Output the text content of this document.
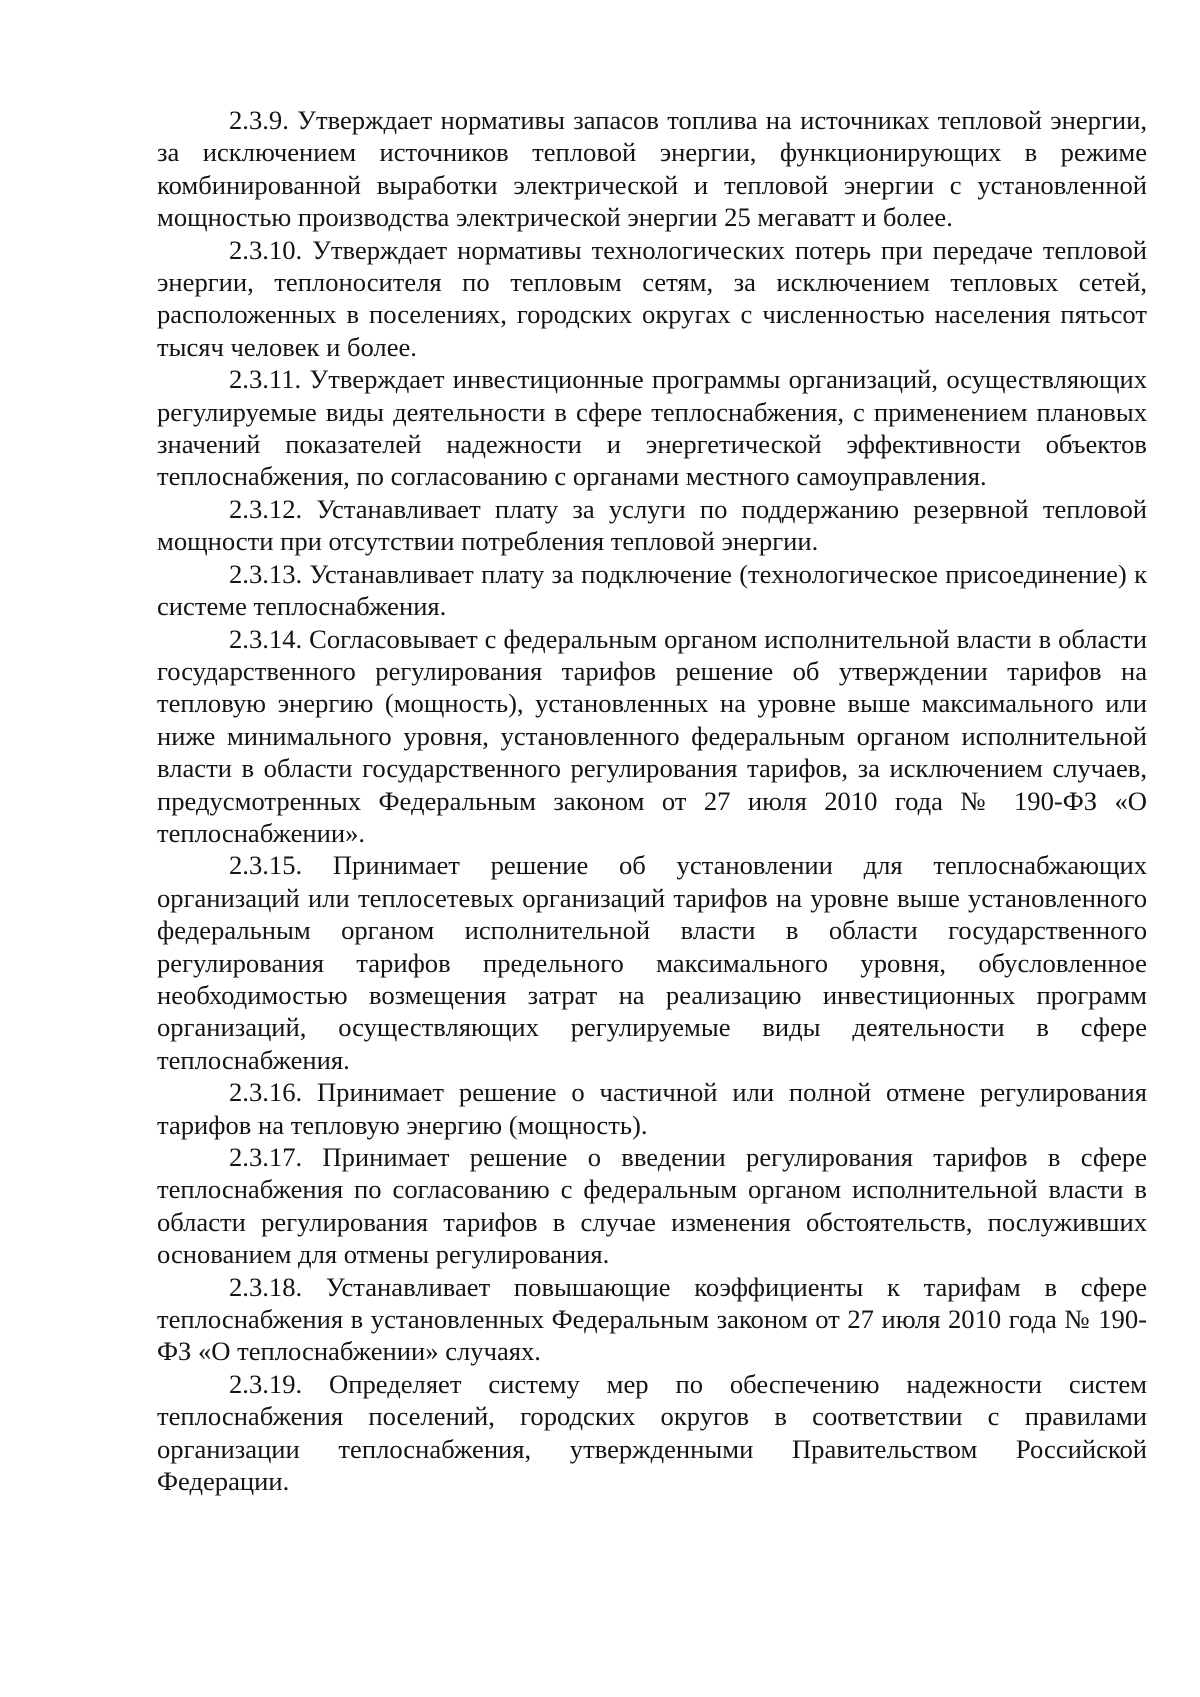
2.3.9. Утверждает нормативы запасов топлива на источниках тепловой энергии, за исключением источников тепловой энергии, функционирующих в режиме комбинированной выработки электрической и тепловой энергии с установленной мощностью производства электрической энергии 25 мегаватт и более.

2.3.10. Утверждает нормативы технологических потерь при передаче тепловой энергии, теплоносителя по тепловым сетям, за исключением тепловых сетей, расположенных в поселениях, городских округах с численностью населения пятьсот тысяч человек и более.

2.3.11. Утверждает инвестиционные программы организаций, осуществляющих регулируемые виды деятельности в сфере теплоснабжения, с применением плановых значений показателей надежности и энергетической эффективности объектов теплоснабжения, по согласованию с органами местного самоуправления.

2.3.12. Устанавливает плату за услуги по поддержанию резервной тепловой мощности при отсутствии потребления тепловой энергии.

2.3.13. Устанавливает плату за подключение (технологическое присоединение) к системе теплоснабжения.

2.3.14. Согласовывает с федеральным органом исполнительной власти в области государственного регулирования тарифов решение об утверждении тарифов на тепловую энергию (мощность), установленных на уровне выше максимального или ниже минимального уровня, установленного федеральным органом исполнительной власти в области государственного регулирования тарифов, за исключением случаев, предусмотренных Федеральным законом от 27 июля 2010 года № 190-ФЗ «О теплоснабжении».

2.3.15. Принимает решение об установлении для теплоснабжающих организаций или теплосетевых организаций тарифов на уровне выше установленного федеральным органом исполнительной власти в области государственного регулирования тарифов предельного максимального уровня, обусловленное необходимостью возмещения затрат на реализацию инвестиционных программ организаций, осуществляющих регулируемые виды деятельности в сфере теплоснабжения.

2.3.16. Принимает решение о частичной или полной отмене регулирования тарифов на тепловую энергию (мощность).

2.3.17. Принимает решение о введении регулирования тарифов в сфере теплоснабжения по согласованию с федеральным органом исполнительной власти в области регулирования тарифов в случае изменения обстоятельств, послуживших основанием для отмены регулирования.

2.3.18. Устанавливает повышающие коэффициенты к тарифам в сфере теплоснабжения в установленных Федеральным законом от 27 июля 2010 года № 190-ФЗ «О теплоснабжении» случаях.

2.3.19. Определяет систему мер по обеспечению надежности систем теплоснабжения поселений, городских округов в соответствии с правилами организации теплоснабжения, утвержденными Правительством Российской Федерации.
